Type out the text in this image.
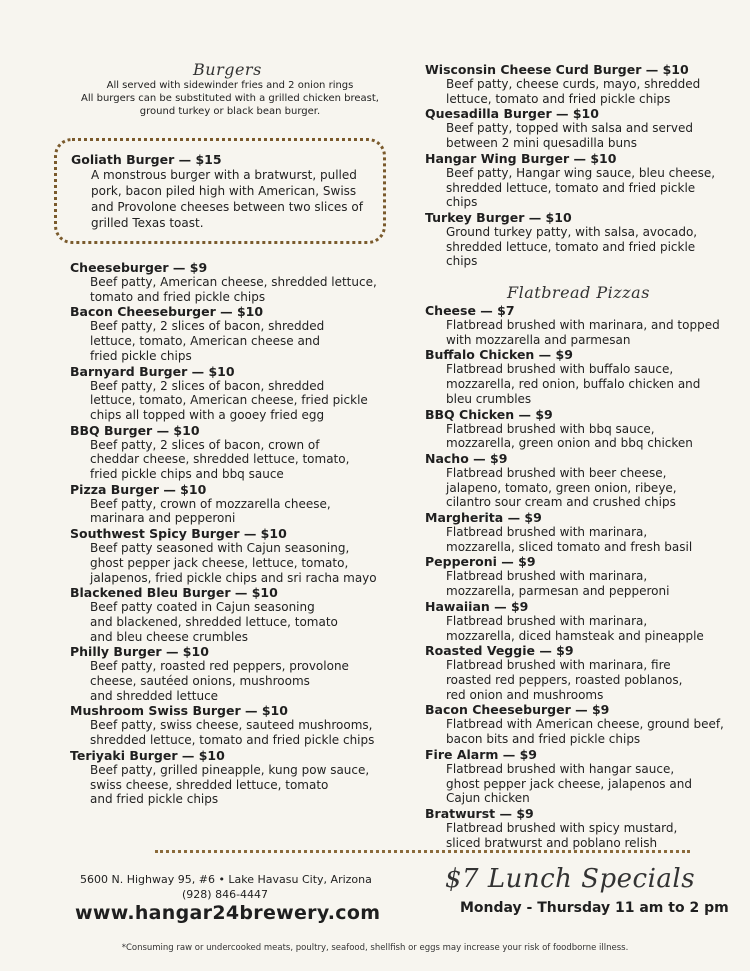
Burgers
All served with sidewinder fries and 2 onion rings
All burgers can be substituted with a grilled chicken breast,
ground turkey or black bean burger.
Goliath Burger — $15
A monstrous burger with a bratwurst, pulled
pork, bacon piled high with American, Swiss
and Provolone cheeses between two slices of
grilled Texas toast.
Cheeseburger — $9
Beef patty, American cheese, shredded lettuce,
tomato and fried pickle chips
Bacon Cheeseburger — $10
Beef patty, 2 slices of bacon, shredded
lettuce, tomato, American cheese and
fried pickle chips
Barnyard Burger — $10
Beef patty, 2 slices of bacon, shredded
lettuce, tomato, American cheese, fried pickle
chips all topped with a gooey fried egg
BBQ Burger — $10
Beef patty, 2 slices of bacon, crown of
cheddar cheese, shredded lettuce, tomato,
fried pickle chips and bbq sauce
Pizza Burger — $10
Beef patty, crown of mozzarella cheese,
marinara and pepperoni
Southwest Spicy Burger — $10
Beef patty seasoned with Cajun seasoning,
ghost pepper jack cheese, lettuce, tomato,
jalapenos, fried pickle chips and sri racha mayo
Blackened Bleu Burger — $10
Beef patty coated in Cajun seasoning
and blackened, shredded lettuce, tomato
and bleu cheese crumbles
Philly Burger — $10
Beef patty, roasted red peppers, provolone
cheese, sautéed onions, mushrooms
and shredded lettuce
Mushroom Swiss Burger — $10
Beef patty, swiss cheese, sauteed mushrooms,
shredded lettuce, tomato and fried pickle chips
Teriyaki Burger — $10
Beef patty, grilled pineapple, kung pow sauce,
swiss cheese, shredded lettuce, tomato
and fried pickle chips
Wisconsin Cheese Curd Burger — $10
Beef patty, cheese curds, mayo, shredded
lettuce, tomato and fried pickle chips
Quesadilla Burger — $10
Beef patty, topped with salsa and served
between 2 mini quesadilla buns
Hangar Wing Burger — $10
Beef patty, Hangar wing sauce, bleu cheese,
shredded lettuce, tomato and fried pickle chips
Turkey Burger — $10
Ground turkey patty, with salsa, avocado,
shredded lettuce, tomato and fried pickle chips
Flatbread Pizzas
Cheese — $7
Flatbread brushed with marinara, and topped
with mozzarella and parmesan
Buffalo Chicken — $9
Flatbread brushed with buffalo sauce,
mozzarella, red onion, buffalo chicken and
bleu crumbles
BBQ Chicken — $9
Flatbread brushed with bbq sauce,
mozzarella, green onion and bbq chicken
Nacho — $9
Flatbread brushed with beer cheese,
jalapeno, tomato, green onion, ribeye,
cilantro sour cream and crushed chips
Margherita — $9
Flatbread brushed with marinara,
mozzarella, sliced tomato and fresh basil
Pepperoni — $9
Flatbread brushed with marinara,
mozzarella, parmesan and pepperoni
Hawaiian — $9
Flatbread brushed with marinara,
mozzarella, diced hamsteak and pineapple
Roasted Veggie — $9
Flatbread brushed with marinara, fire
roasted red peppers, roasted poblanos,
red onion and mushrooms
Bacon Cheeseburger — $9
Flatbread with American cheese, ground beef,
bacon bits and fried pickle chips
Fire Alarm — $9
Flatbread brushed with hangar sauce,
ghost pepper jack cheese, jalapenos and
Cajun chicken
Bratwurst — $9
Flatbread brushed with spicy mustard,
sliced bratwurst and poblano relish
5600 N. Highway 95, #6 • Lake Havasu City, Arizona
(928) 846-4447
www.hangar24brewery.com
$7 Lunch Specials
Monday - Thursday 11 am to 2 pm
*Consuming raw or undercooked meats, poultry, seafood, shellfish or eggs may increase your risk of foodborne illness.
